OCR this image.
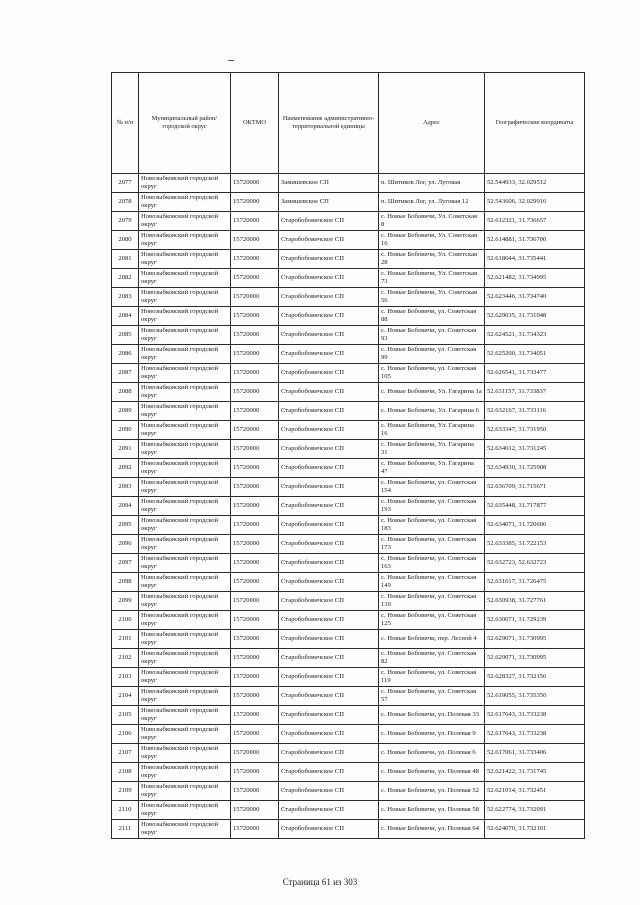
№ п/п	Муниципальный район/городской округ	ОКТМО	Наименование административно-территориальной единицы	Адрес	Географические координаты
2077	Новозыбковский городской округ	15720000	Замишевское СП	п. Шитиков Лог, ул. Луговая	52.544933, 32.029512
2078	Новозыбковский городской округ	15720000	Замишевское СП	п. Шитиков Лог, ул. Луговая 12	52.543606, 32.029916
2079	Новозыбковский городской округ	15720000	Старобобовичское СП	с. Новые Бобовичи, Ул. Советская 8	52.612321, 31.736657
2080	Новозыбковский городской округ	15720000	Старобобовичское СП	с. Новые Бобовичи, Ул. Советская 16	52.614881, 31.736700
2081	Новозыбковский городской округ	15720000	Старобобовичское СП	с. Новые Бобовичи, Ул. Советская 28	52.618644, 31.735441
2082	Новозыбковский городской округ	15720000	Старобобовичское СП	с. Новые Бобовичи, Ул. Советская 73	52.621482, 31.734995
2083	Новозыбковский городской округ	15720000	Старобобовичское СП	с. Новые Бобовичи, Ул. Советская 56	52.623446, 31.734740
2084	Новозыбковский городской округ	15720000	Старобобовичское СП	с. Новые Бобовичи, ул. Советская 88	52.629035, 31.731048
2085	Новозыбковский городской округ	15720000	Старобобовичское СП	с. Новые Бобовичи, ул. Советская 93	52.624521, 31.734323
2086	Новозыбковский городской округ	15720000	Старобобовичское СП	с. Новые Бобовичи, ул. Советская 99	52.625200, 31.734051
2087	Новозыбковский городской округ	15720000	Старобобовичское СП	с. Новые Бобовичи, ул. Советская 105	52.626541, 31.733477
2088	Новозыбковский городской округ	15720000	Старобобовичское СП	с. Новые Бобовичи, Ул. Гагарина 1а	52.631157, 31.733837
2089	Новозыбковский городской округ	15720000	Старобобовичское СП	с. Новые Бобовичи, Ул. Гагарина 6	52.632167, 31.733116
2090	Новозыбковский городской округ	15720000	Старобобовичское СП	с. Новые Бобовичи, Ул. Гагарина 16	52.633347, 31.731950
2091	Новозыбковский городской округ	15720000	Старобобовичское СП	с. Новые Бобовичи, Ул. Гагарина 31	52.634012, 31.731245
2092	Новозыбковский городской округ	15720000	Старобобовичское СП	с. Новые Бобовичи, Ул. Гагарина 47	52.634930, 31.725908
2093	Новозыбковский городской округ	15720000	Старобобовичское СП	с. Новые Бобовичи, ул. Советская 154	52.636709, 31.715671
2094	Новозыбковский городской округ	15720000	Старобобовичское СП	с. Новые Бобовичи, ул. Советская 193	52.635448, 31.717877
2095	Новозыбковский городской округ	15720000	Старобобовичское СП	с. Новые Бобовичи, ул. Советская 183	52.634071, 31.720606
2096	Новозыбковский городской округ	15720000	Старобобовичское СП	с. Новые Бобовичи, ул. Советская 173	52.633385, 31.722153
2097	Новозыбковский городской округ	15720000	Старобобовичское СП	с. Новые Бобовичи, ул. Советская 163	52.632723, 52.632723
2098	Новозыбковский городской округ	15720000	Старобобовичское СП	с. Новые Бобовичи, ул. Советская 149	52.631617, 31.726475
2099	Новозыбковский городской округ	15720000	Старобобовичское СП	с. Новые Бобовичи, ул. Советская 139	52.630938, 31.727761
2100	Новозыбковский городской округ	15720000	Старобобовичское СП	с. Новые Бобовичи, ул. Советская 125	52.630071, 31.729239
2101	Новозыбковский городской округ	15720000	Старобобовичское СП	с. Новые Бобовичи, пер. Лесной 4	52.629071, 31.730995
2102	Новозыбковский городской округ	15720000	Старобобовичское СП	с. Новые Бобовичи, ул. Советская 82	52.629071, 31.730995
2103	Новозыбковский городской округ	15720000	Старобобовичское СП	с. Новые Бобовичи, ул. Советская 119	52.628327, 31.732156
2104	Новозыбковский городской округ	15720000	Старобобовичское СП	с. Новые Бобовичи, ул. Советская 57	52.619055, 31.735356
2105	Новозыбковский городской округ	15720000	Старобобовичское СП	с. Новые Бобовичи, ул. Полевая 33	52.617643, 31.733238
2106	Новозыбковский городской округ	15720000	Старобобовичское СП	с. Новые Бобовичи, ул. Полевая 9	52.617643, 31.733238
2107	Новозыбковский городской округ	15720000	Старобобовичское СП	с. Новые Бобовичи, ул. Полевая 6	52.617061, 31.733406
2108	Новозыбковский городской округ	15720000	Старобобовичское СП	с. Новые Бобовичи, ул. Полевая 48	52.621422, 31.731745
2109	Новозыбковский городской округ	15720000	Старобобовичское СП	с. Новые Бобовичи, ул. Полевая 52	52.621014, 31.732451
2110	Новозыбковский городской округ	15720000	Старобобовичское СП	с. Новые Бобовичи, ул. Полевая 58	52.622774, 31.732091
2111	Новозыбковский городской округ	15720000	Старобобовичское СП	с. Новые Бобовичи, ул. Полевая 64	52.624070, 31.732101
Страница 61 из 303
